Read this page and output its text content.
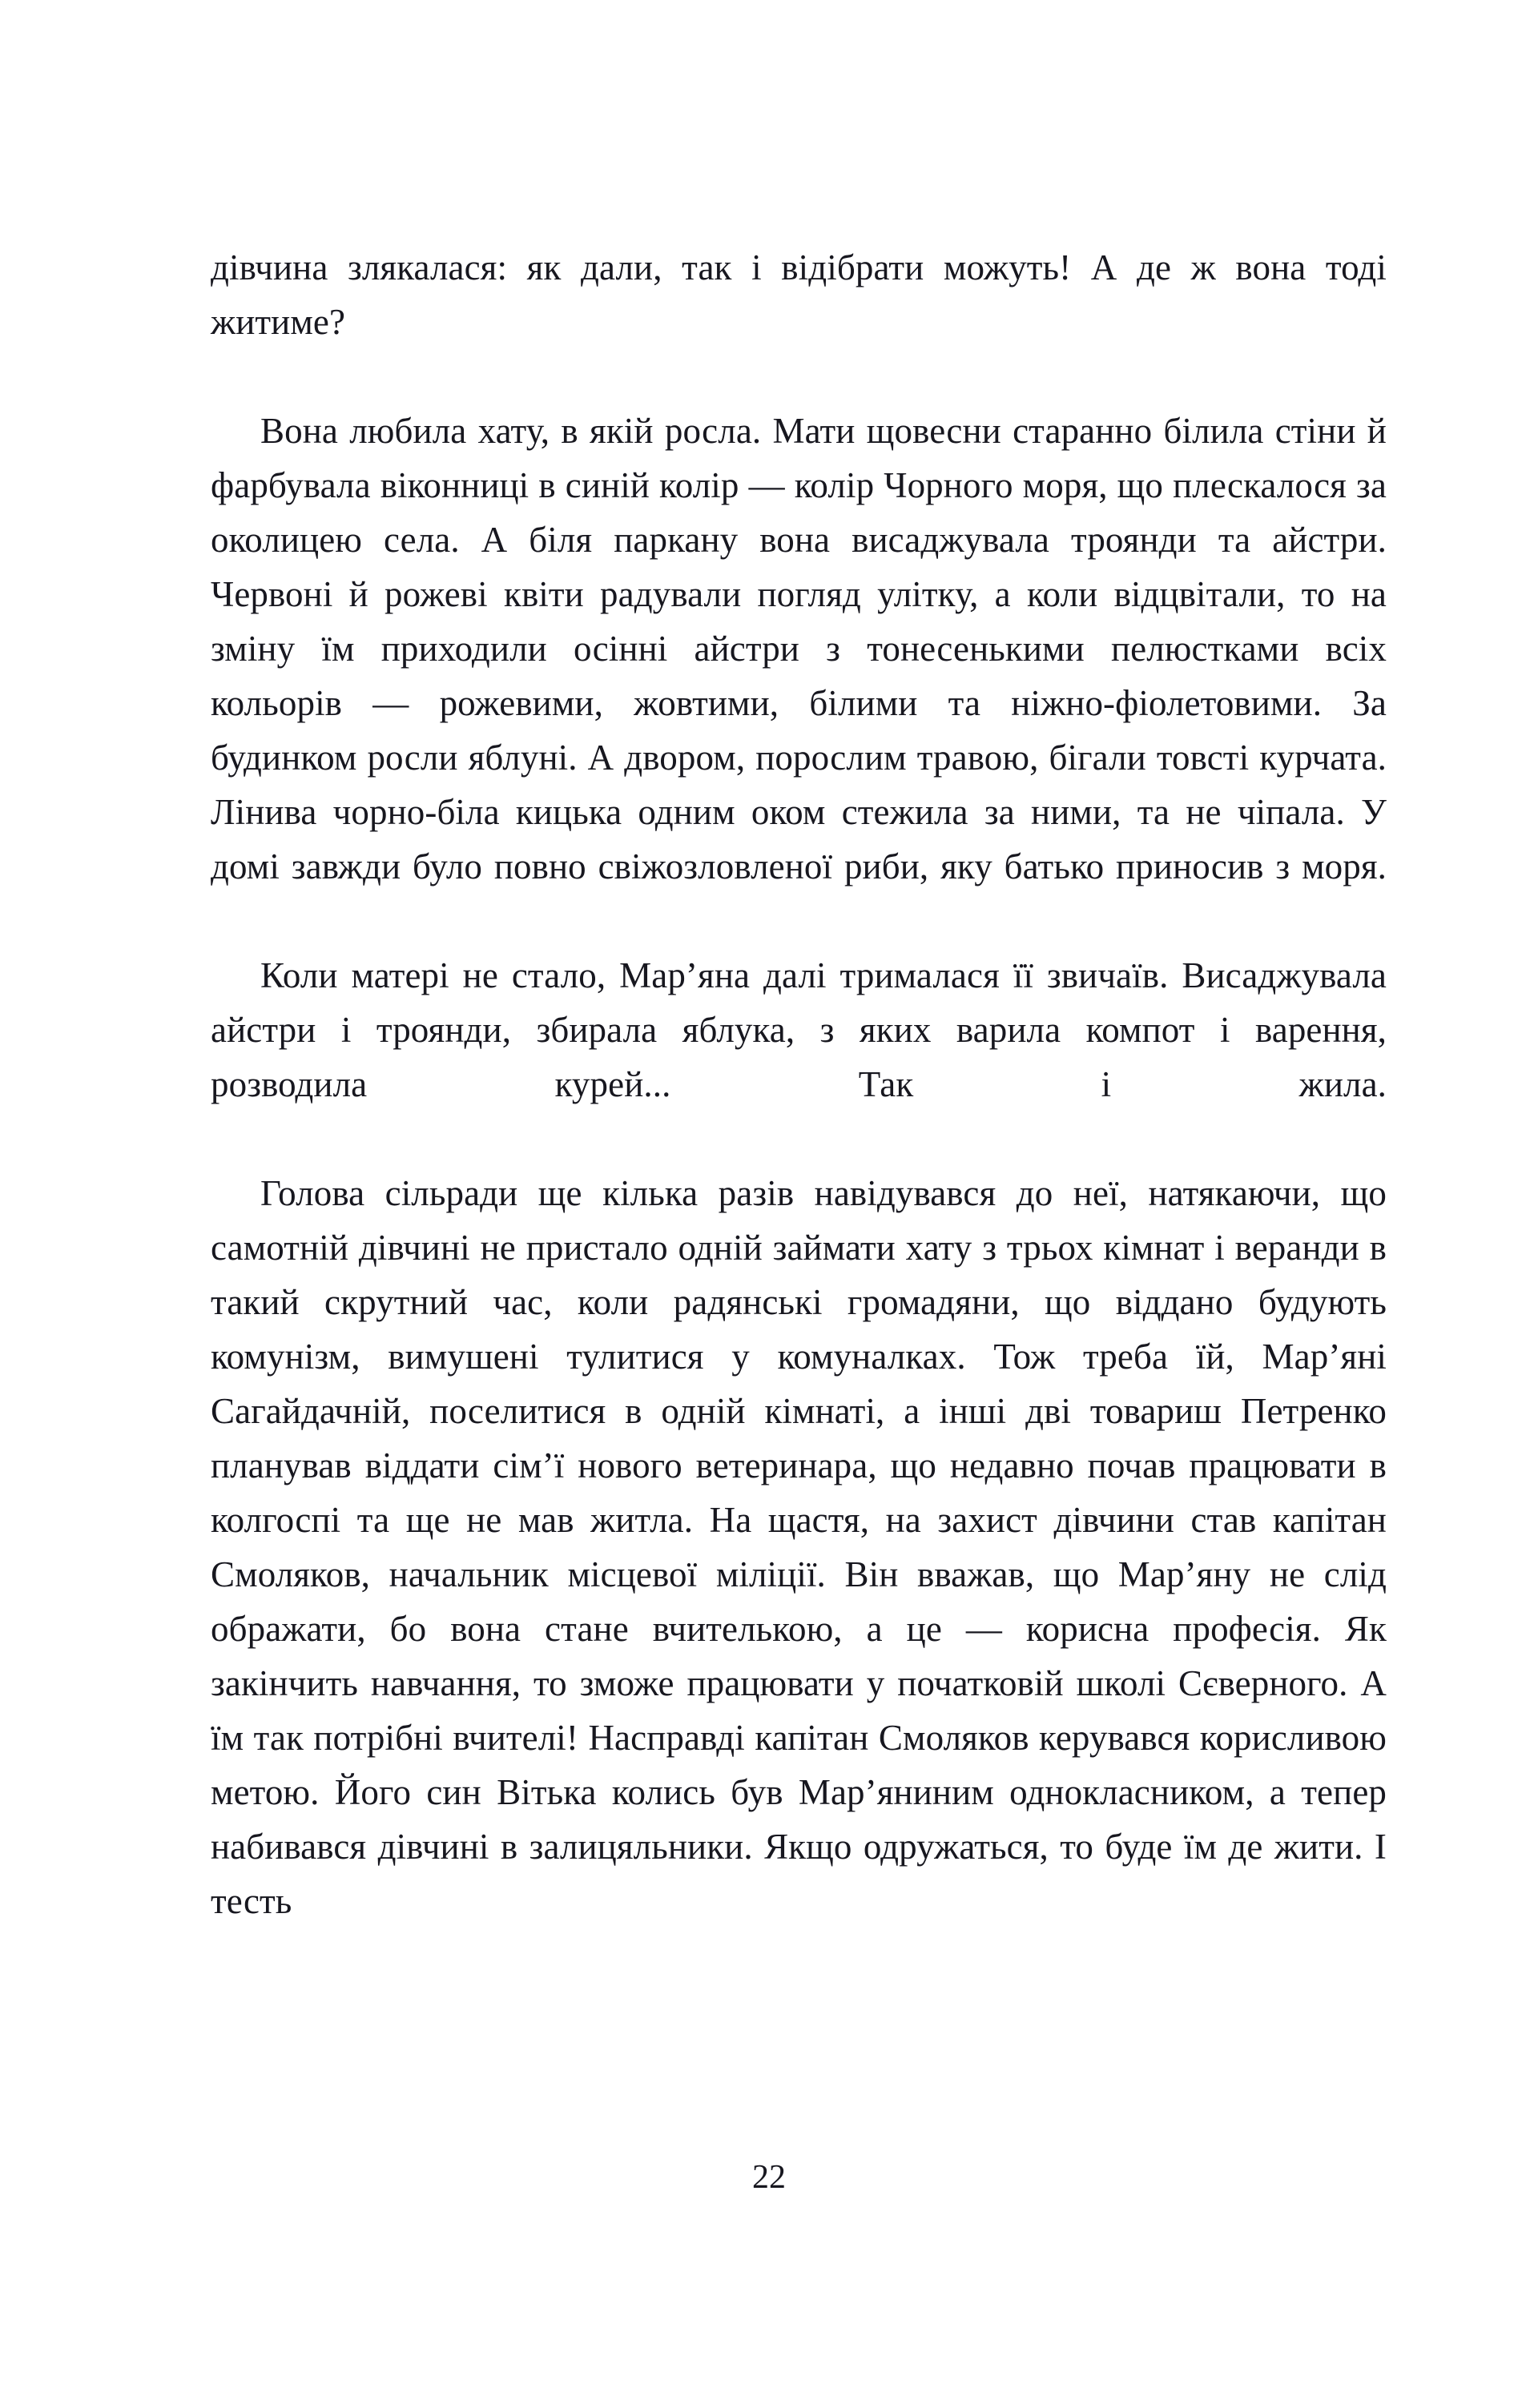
дівчина злякалася: як дали, так і відібрати можуть! А де ж вона тоді житиме?

Вона любила хату, в якій росла. Мати щовесни старанно білила стіни й фарбувала віконниці в синій колір — колір Чорного моря, що плескалося за околицею села. А біля паркану вона висаджувала троянди та айстри. Червоні й рожеві квіти радували погляд улітку, а коли відцвітали, то на зміну їм приходили осінні айстри з тонесенькими пелюстками всіх кольорів — рожевими, жовтими, білими та ніжно-фіолетовими. За будинком росли яблуні. А двором, порослим травою, бігали товсті курчата. Лінива чорно-біла кицька одним оком стежила за ними, та не чіпала. У домі завжди було повно свіжозловленої риби, яку батько приносив з моря.

Коли матері не стало, Мар’яна далі трималася її звичаїв. Висаджувала айстри і троянди, збирала яблука, з яких варила компот і варення, розводила курей... Так і жила.

Голова сільради ще кілька разів навідувався до неї, натякаючи, що самотній дівчині не пристало одній займати хату з трьох кімнат і веранди в такий скрутний час, коли радянські громадяни, що віддано будують комунізм, вимушені тулитися у комуналках. Тож треба їй, Мар’яні Сагайдачній, поселитися в одній кімнаті, а інші дві товариш Петренко планував віддати сім’ї нового ветеринара, що недавно почав працювати в колгоспі та ще не мав житла. На щастя, на захист дівчини став капітан Смоляков, начальник місцевої міліції. Він вважав, що Мар’яну не слід ображати, бо вона стане вчителькою, а це — корисна професія. Як закінчить навчання, то зможе працювати у початковій школі Сєверного. А їм так потрібні вчителі! Насправді капітан Смоляков керувався корисливою метою. Його син Вітька колись був Мар’яниним однокласником, а тепер набивався дівчині в залицяльники. Якщо одружаться, то буде їм де жити. І тесть

22
